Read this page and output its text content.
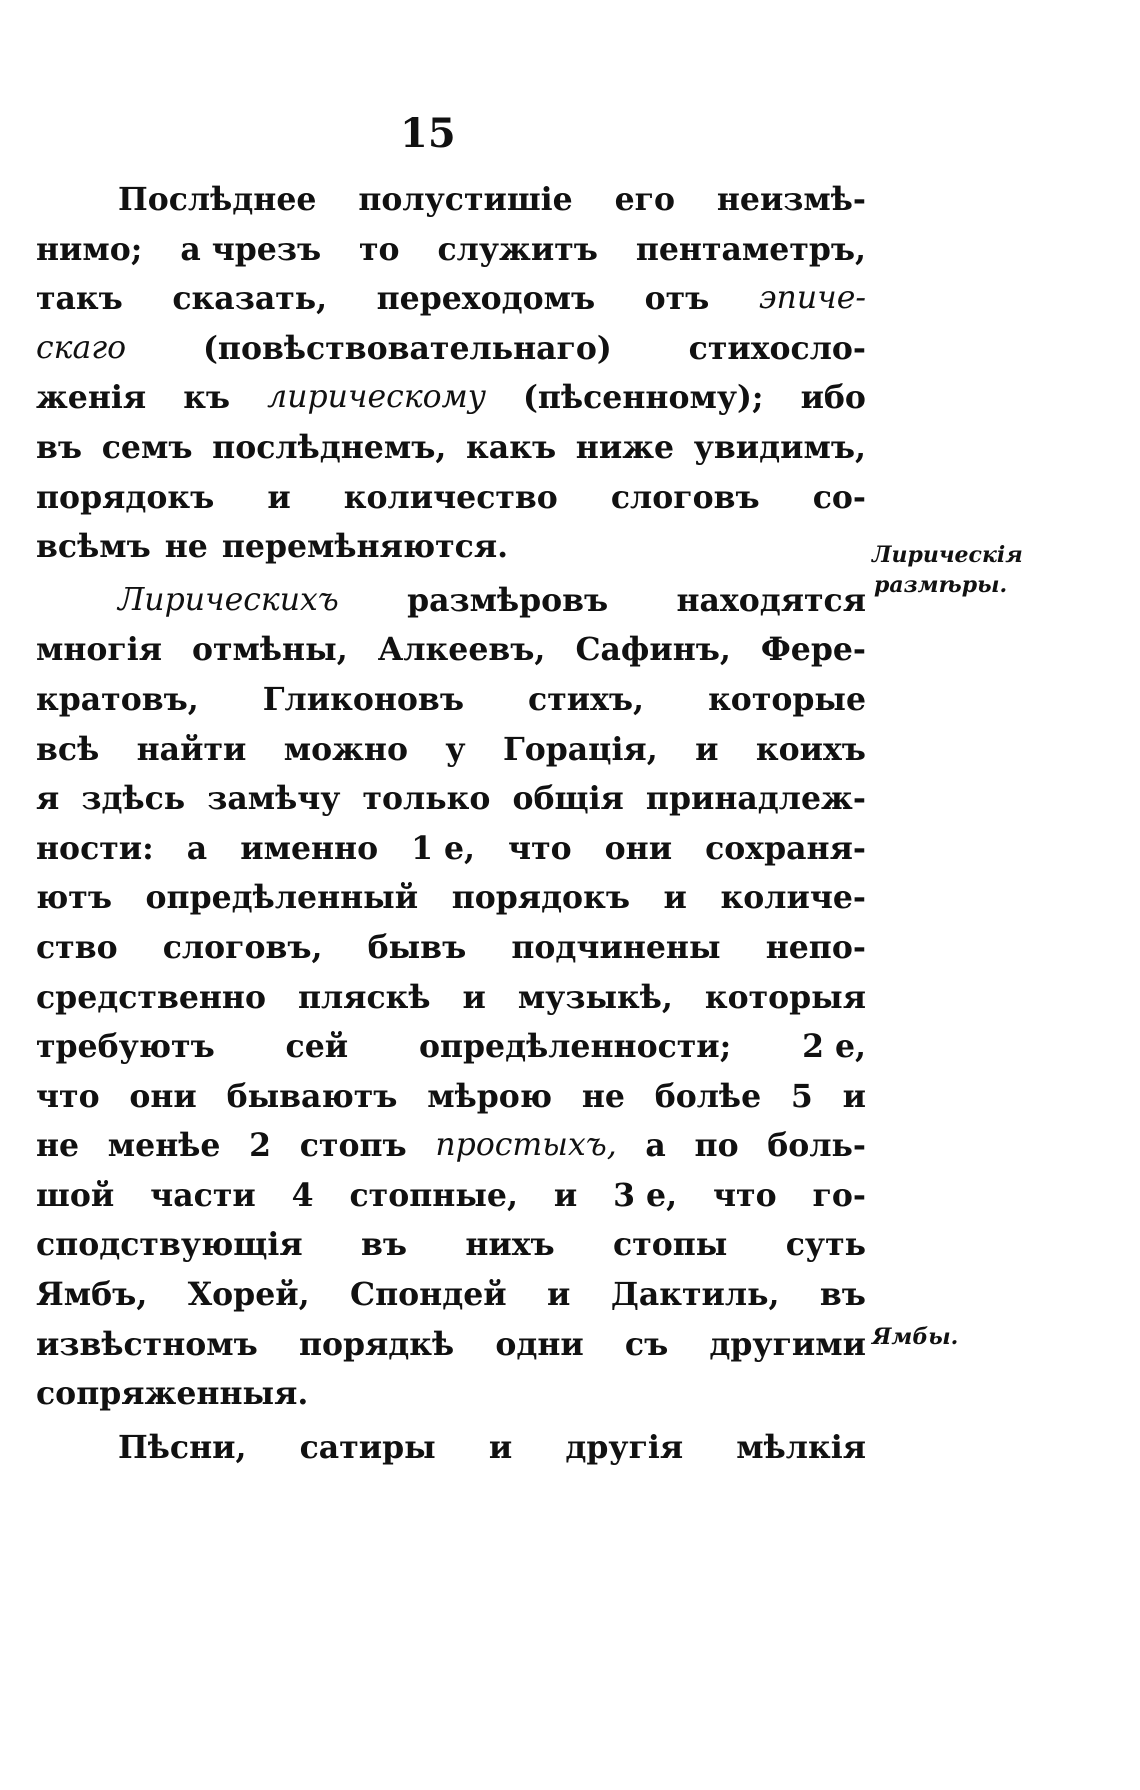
15
Послѣднее полустишіе его неизмѣ-
нимо; а чрезъ то служитъ пентаметръ,
такъ сказать, переходомъ отъ эпиче-
скаго (повѣствовательнаго) стихосло-
женія къ лирическому (пѣсенному); ибо
въ семъ послѣднемъ, какъ ниже увидимъ,
порядокъ и количество слоговъ со-
всѣмъ не перемѣняются.
Лирическихъ размѣровъ находятся
многія отмѣны, Алкеевъ, Сафинъ, Фере-
кратовъ, Гликоновъ стихъ, которые
всѣ найти можно у Горація, и коихъ
я здѣсь замѣчу только общія принадлеж-
ности: а именно 1 е, что они сохраня-
ютъ опредѣленный порядокъ и количе-
ство слоговъ, бывъ подчинены непо-
средственно пляскѣ и музыкѣ, которыя
требуютъ сей опредѣленности; 2 е,
что они бываютъ мѣрою не болѣе 5 и
не менѣе 2 стопъ простыхъ, а по боль-
шой части 4 стопные, и 3 е, что го-
сподствующія въ нихъ стопы суть
Ямбъ, Хорей, Спондей и Дактиль, въ
извѣстномъ порядкѣ одни съ другими
сопряженныя.
Пѣсни, сатиры и другія мѣлкія
Лирическія
размѣры.
Ямбы.
